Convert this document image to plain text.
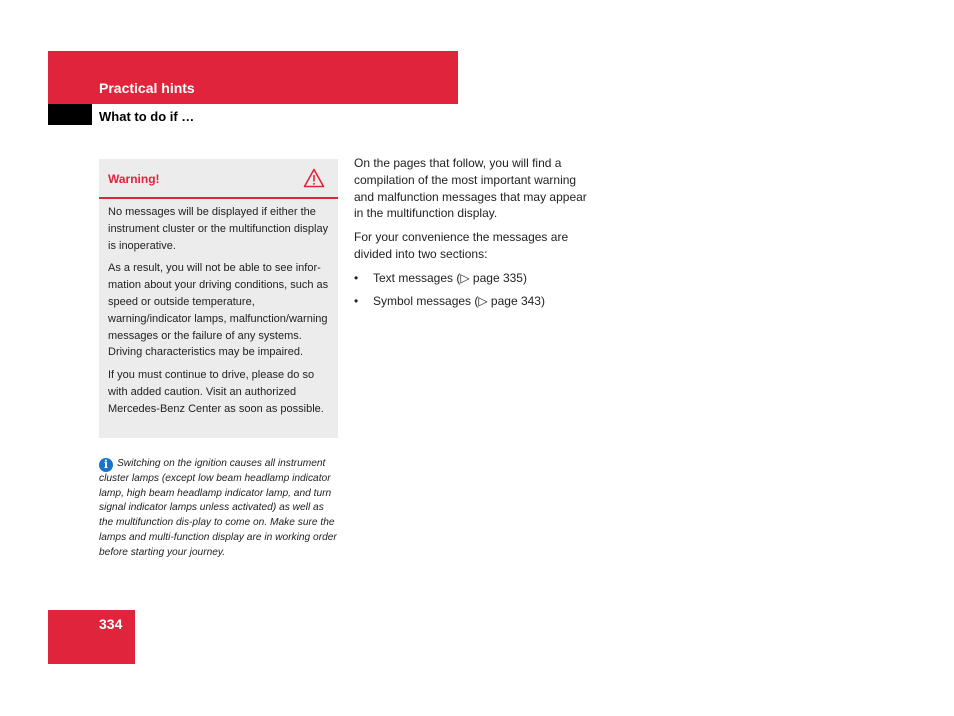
Practical hints
What to do if …
Warning!

No messages will be displayed if either the instrument cluster or the multifunction display is inoperative.

As a result, you will not be able to see infor-mation about your driving conditions, such as speed or outside temperature, warning/indicator lamps, malfunction/warning messages or the failure of any systems. Driving characteristics may be impaired.

If you must continue to drive, please do so with added caution. Visit an authorized Mercedes-Benz Center as soon as possible.

i Switching on the ignition causes all instrument cluster lamps (except low beam headlamp indicator lamp, high beam headlamp indicator lamp, and turn signal indicator lamps unless activated) as well as the multifunction dis-play to come on. Make sure the lamps and multi-function display are in working order before starting your journey.

On the pages that follow, you will find a compilation of the most important warning and malfunction messages that may appear in the multifunction display.

For your convenience the messages are divided into two sections:

• Text messages (▷ page 335)
• Symbol messages (▷ page 343)
334
